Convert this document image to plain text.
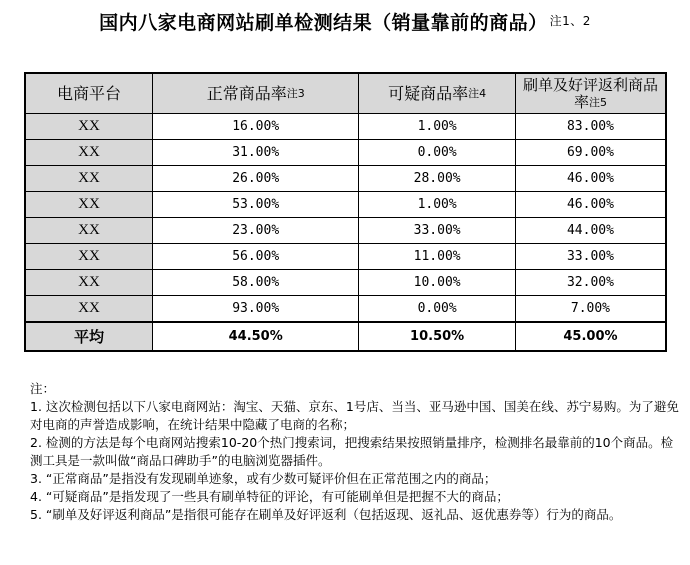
国内八家电商网站刷单检测结果（销量靠前的商品） $^{注1、2}$
电商平台	正常商品率$^{注3}$	可疑商品率$^{注4}$	刷单及好评返利商品率$^{注5}$
XX	16.00%	1.00%	83.00%
XX	31.00%	0.00%	69.00%
XX	26.00%	28.00%	46.00%
XX	53.00%	1.00%	46.00%
XX	23.00%	33.00%	44.00%
XX	56.00%	11.00%	33.00%
XX	58.00%	10.00%	32.00%
XX	93.00%	0.00%	7.00%
平均	44.50%	10.50%	45.00%

注：

1. 这次检测包括以下八家电商网站：淘宝、天猫、京东、1号店、当当、亚马逊中国、国美在线、苏宁易购。为了避免对电商的声誉造成影响，在统计结果中隐藏了电商的名称；

2. 检测的方法是每个电商网站搜索10-20个热门搜索词，把搜索结果按照销量排序，检测排名最靠前的10个商品。检测工具是一款叫做“商品口碑助手”的电脑浏览器插件。

3. “正常商品”是指没有发现刷单迹象，或有少数可疑评价但在正常范围之内的商品；

4. “可疑商品”是指发现了一些具有刷单特征的评论，有可能刷单但是把握不大的商品；

5. “刷单及好评返利商品”是指很可能存在刷单及好评返利（包括返现、返礼品、返优惠券等）行为的商品。
